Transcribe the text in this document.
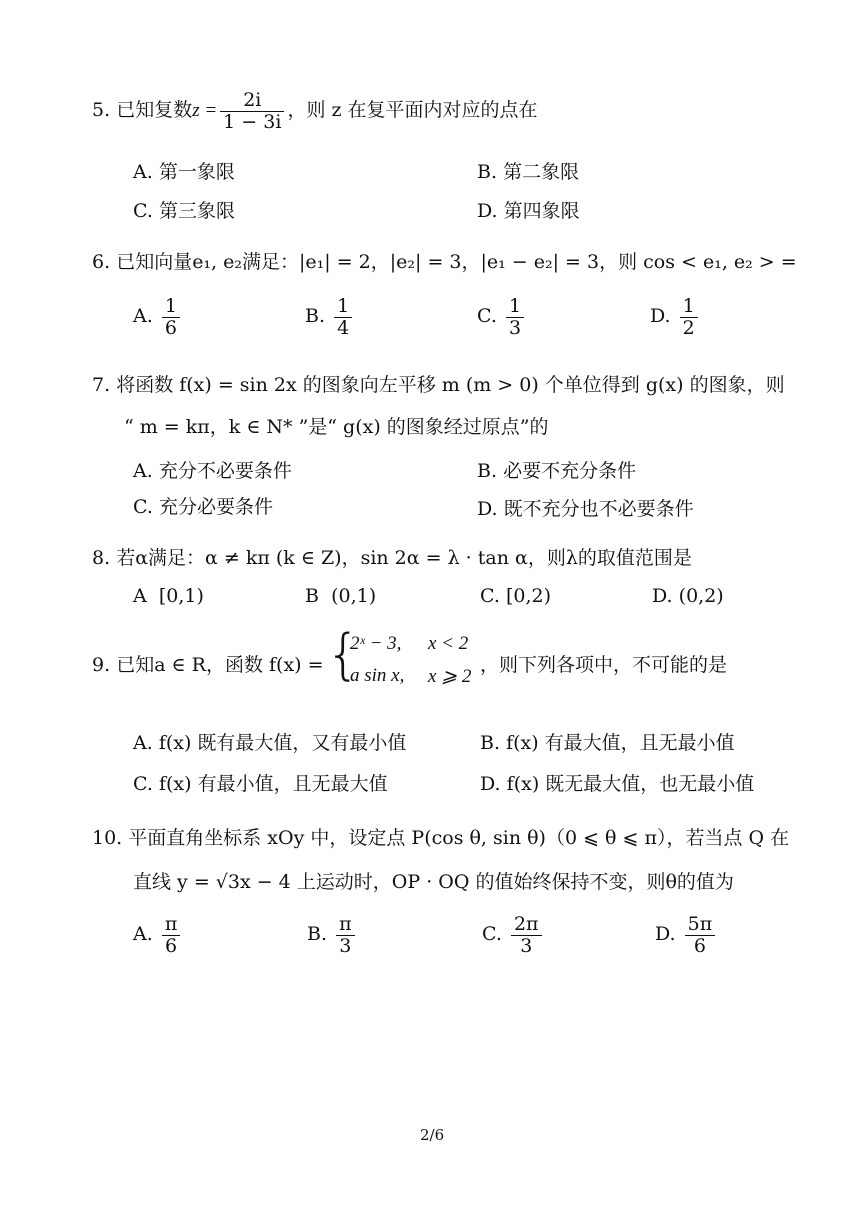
5. 已知复数$z = \frac{2i}{1 - 3i}$ ，则 z 在复平面内对应的点在
A. 第一象限	B. 第二象限
C. 第三象限	D. 第四象限
6. 已知向量e₁, e₂满足：|e₁| = 2，|e₂| = 3，|e₁ − e₂| = 3，则 cos < e₁, e₂ > =
A. $\frac{1}{6}$	B. $\frac{1}{4}$	C. $\frac{1}{3}$	D. $\frac{1}{2}$
7. 将函数 f(x) = sin 2x 的图象向左平移 m (m > 0) 个单位得到 g(x) 的图象，则
“ m = kπ，k ∈ N* ”是“ g(x) 的图象经过原点”的
A. 充分不必要条件	B. 必要不充分条件
C. 充分必要条件	D. 既不充分也不必要条件
8. 若α满足：α ≠ kπ (k ∈ Z)，sin 2α = λ · tan α，则λ的取值范围是
A [0,1)	B (0,1)	C. [0,2)	D. (0,2)
9. 已知a ∈ R，函数 f(x) = {
2ˣ − 3, x < 2
a sin x, x ⩾ 2
，则下列各项中，不可能的是
A. f(x) 既有最大值，又有最小值	B. f(x) 有最大值，且无最小值
C. f(x) 有最小值，且无最大值	D. f(x) 既无最大值，也无最小值
10. 平面直角坐标系 xOy 中，设定点 P(cos θ, sin θ)（0 ⩽ θ ⩽ π），若当点 Q 在
直线 y = √3x − 4 上运动时，OP · OQ 的值始终保持不变，则θ的值为
A. $\frac{\pi}{6}$	B. $\frac{\pi}{3}$	C. $\frac{2\pi}{3}$	D. $\frac{5\pi}{6}$
2/6
